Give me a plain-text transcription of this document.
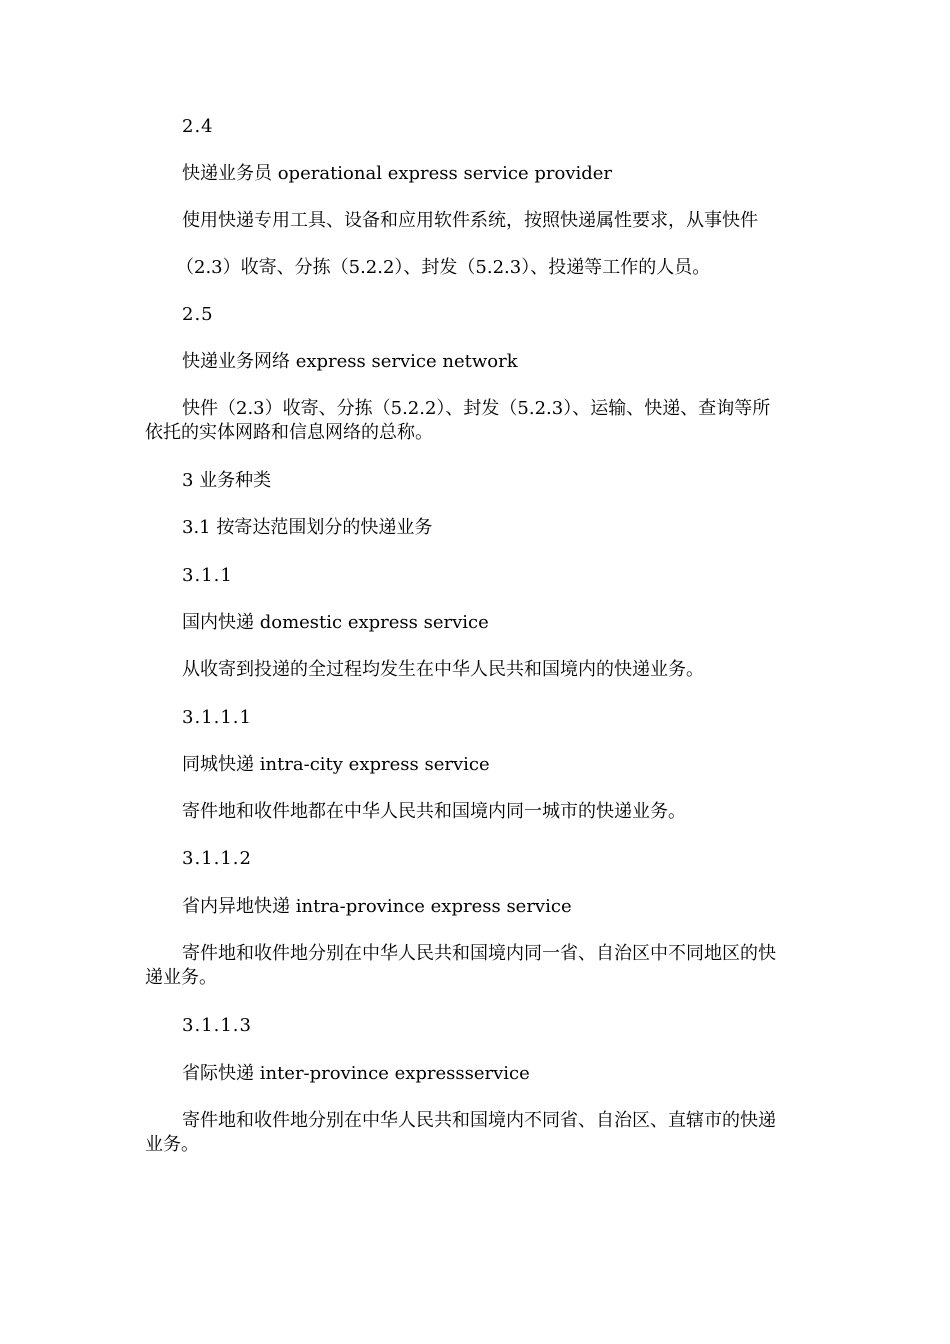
2.4
快递业务员 operational express service provider
使用快递专用工具、设备和应用软件系统，按照快递属性要求，从事快件
（2.3）收寄、分拣（5.2.2）、封发（5.2.3）、投递等工作的人员。
2.5
快递业务网络 express service network
快件（2.3）收寄、分拣（5.2.2）、封发（5.2.3）、运输、快递、查询等所
依托的实体网路和信息网络的总称。
3 业务种类
3.1 按寄达范围划分的快递业务
3.1.1
国内快递 domestic express service
从收寄到投递的全过程均发生在中华人民共和国境内的快递业务。
3.1.1.1
同城快递 intra-city express service
寄件地和收件地都在中华人民共和国境内同一城市的快递业务。
3.1.1.2
省内异地快递 intra-province express service
寄件地和收件地分别在中华人民共和国境内同一省、自治区中不同地区的快
递业务。
3.1.1.3
省际快递 inter-province expressservice
寄件地和收件地分别在中华人民共和国境内不同省、自治区、直辖市的快递
业务。
